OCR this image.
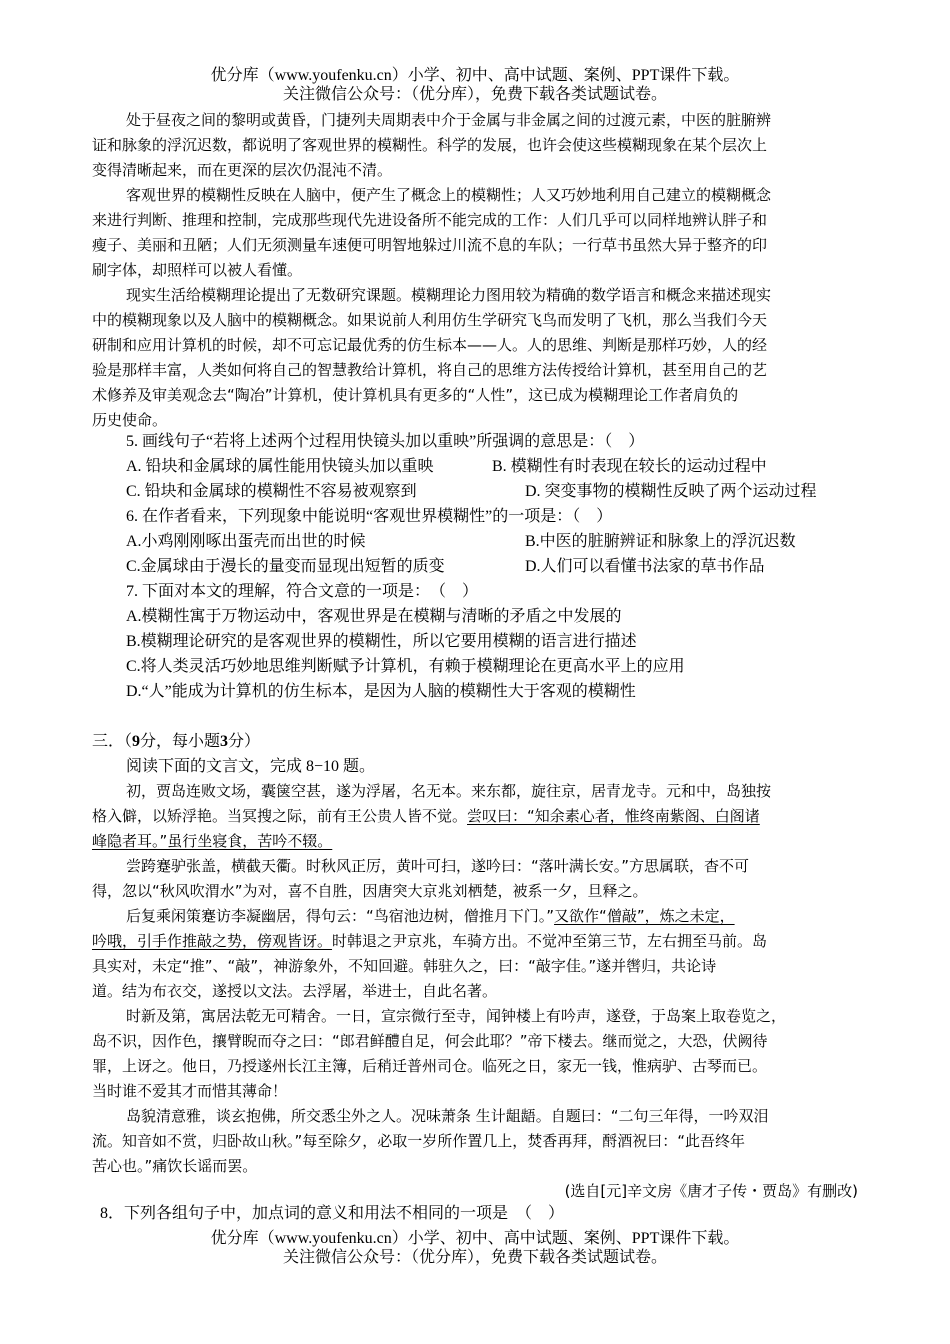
优分库（www.youfenku.cn）小学、初中、高中试题、案例、PPT课件下载。
关注微信公众号：（优分库），免费下载各类试题试卷。
处于昼夜之间的黎明或黄昏，门捷列夫周期表中介于金属与非金属之间的过渡元素，中医的脏腑辨
证和脉象的浮沉迟数，都说明了客观世界的模糊性。科学的发展，也许会使这些模糊现象在某个层次上
变得清晰起来，而在更深的层次仍混沌不清。
客观世界的模糊性反映在人脑中，便产生了概念上的模糊性；人又巧妙地利用自己建立的模糊概念
来进行判断、推理和控制，完成那些现代先进设备所不能完成的工作：人们几乎可以同样地辨认胖子和
瘦子、美丽和丑陋；人们无须测量车速便可明智地躲过川流不息的车队；一行草书虽然大异于整齐的印
刷字体，却照样可以被人看懂。
现实生活给模糊理论提出了无数研究课题。模糊理论力图用较为精确的数学语言和概念来描述现实
中的模糊现象以及人脑中的模糊概念。如果说前人利用仿生学研究飞鸟而发明了飞机，那么当我们今天
研制和应用计算机的时候，却不可忘记最优秀的仿生标本——人。人的思维、判断是那样巧妙，人的经
验是那样丰富，人类如何将自己的智慧教给计算机，将自己的思维方法传授给计算机，甚至用自己的艺
术修养及审美观念去“陶冶”计算机，使计算机具有更多的“人性”，这已成为模糊理论工作者肩负的
历史使命。
5. 画线句子“若将上述两个过程用快镜头加以重映”所强调的意思是：（　）
A. 铅块和金属球的属性能用快镜头加以重映	B. 模糊性有时表现在较长的运动过程中
C. 铅块和金属球的模糊性不容易被观察到	D. 突变事物的模糊性反映了两个运动过程
6. 在作者看来，下列现象中能说明“客观世界模糊性”的一项是：（　）
A.小鸡刚刚啄出蛋壳而出世的时候	B.中医的脏腑辨证和脉象上的浮沉迟数
C.金属球由于漫长的量变而显现出短暂的质变	D.人们可以看懂书法家的草书作品
7. 下面对本文的理解，符合文意的一项是：　（　）
A.模糊性寓于万物运动中，客观世界是在模糊与清晰的矛盾之中发展的
B.模糊理论研究的是客观世界的模糊性，所以它要用模糊的语言进行描述
C.将人类灵活巧妙地思维判断赋予计算机，有赖于模糊理论在更高水平上的应用
D.“人”能成为计算机的仿生标本，是因为人脑的模糊性大于客观的模糊性
三．（9分，每小题3分）
阅读下面的文言文，完成 8−10 题。
初，贾岛连败文场，囊箧空甚，遂为浮屠，名无本。来东都，旋往京，居青龙寺。元和中，岛独按
格入僻，以矫浮艳。当冥搜之际，前有王公贵人皆不觉。尝叹曰：“知余素心者，惟终南紫阁、白阁诸
峰隐者耳。”虽行坐寝食，苦吟不辍。
尝跨蹇驴张盖，横截天衢。时秋风正厉，黄叶可扫，遂吟曰：“落叶满长安。”方思属联，杳不可
得，忽以“秋风吹渭水”为对，喜不自胜，因唐突大京兆刘栖楚，被系一夕，旦释之。
后复乘闲策蹇访李凝幽居，得句云：“鸟宿池边树，僧推月下门。”又欲作“僧敲”，炼之未定，
吟哦，引手作推敲之势，傍观皆讶。时韩退之尹京兆，车骑方出。不觉冲至第三节，左右拥至马前。岛
具实对，未定“推”、“敲”，神游象外，不知回避。韩驻久之，曰：“敲字佳。”遂并辔归，共论诗
道。结为布衣交，遂授以文法。去浮屠，举进士，自此名著。
时新及第，寓居法乾无可精舍。一日，宣宗微行至寺，闻钟楼上有吟声，遂登，于岛案上取卷览之，
岛不识，因作色，攘臂睨而夺之曰：“郎君鲜醴自足，何会此耶？”帝下楼去。继而觉之，大恐，伏阙待
罪，上讶之。他日，乃授遂州长江主簿，后稍迁普州司仓。临死之日，家无一钱，惟病驴、古琴而已。
当时谁不爱其才而惜其薄命！
岛貌清意雅，谈玄抱佛，所交悉尘外之人。况味萧条 生计龃龉。自题曰：“二句三年得，一吟双泪
流。知音如不赏，归卧故山秋。”每至除夕，必取一岁所作置几上，焚香再拜，酹酒祝曰：“此吾终年
苦心也。”痛饮长谣而罢。
(选自[元]辛文房《唐才子传・贾岛》有删改)
8．下列各组句子中，加点词的意义和用法不相同的一项是　（　）
优分库（www.youfenku.cn）小学、初中、高中试题、案例、PPT课件下载。
关注微信公众号：（优分库），免费下载各类试题试卷。
